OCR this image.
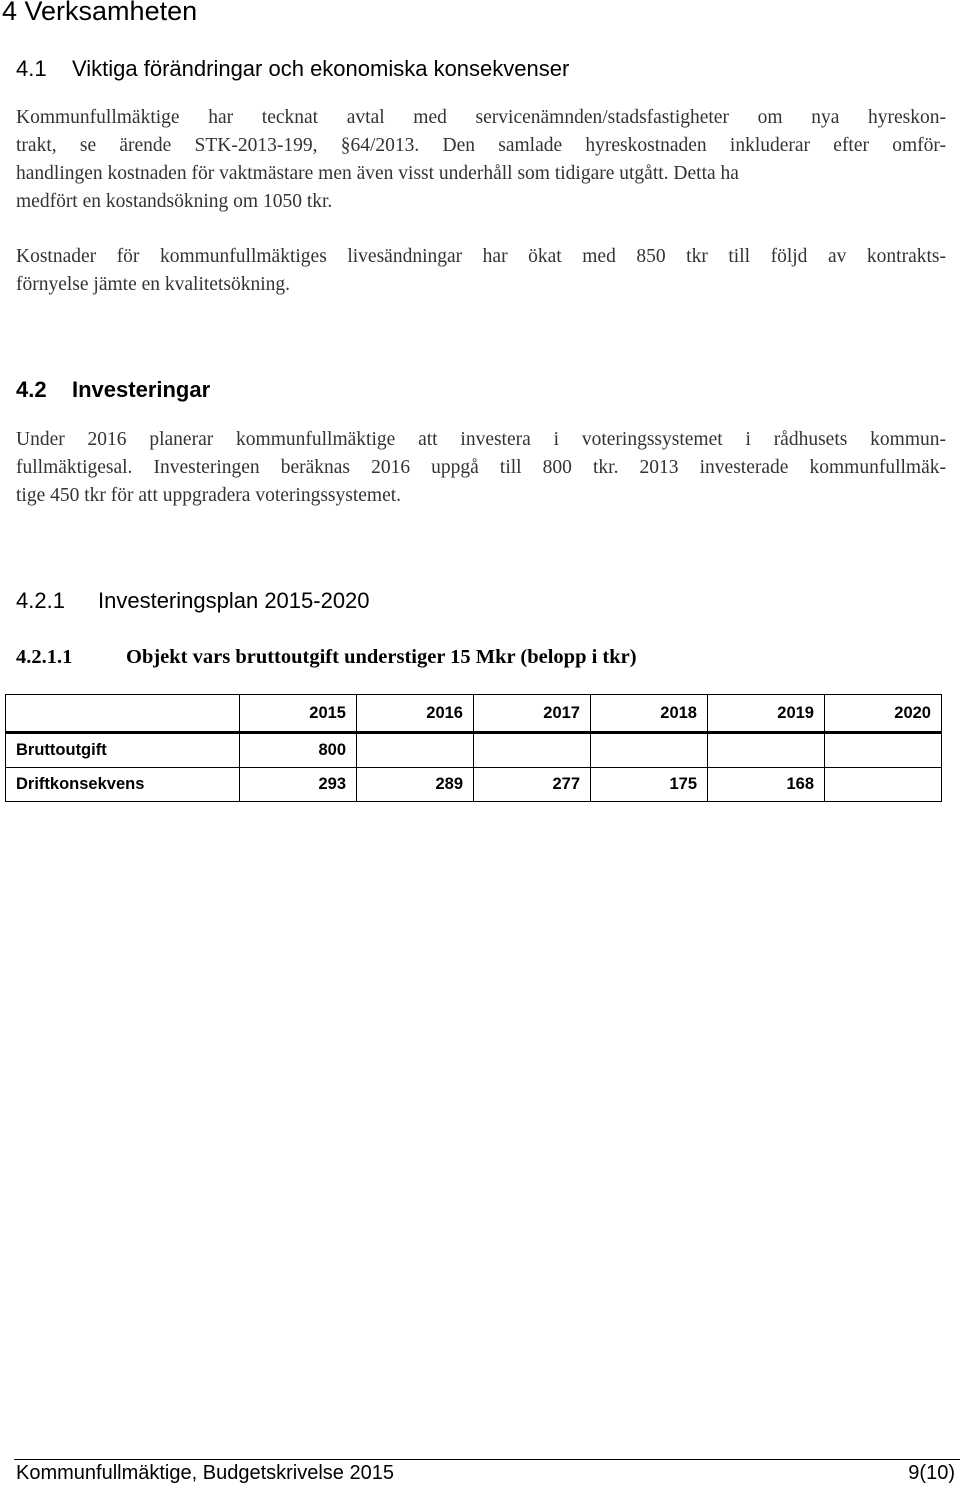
4 Verksamheten
4.1 Viktiga förändringar och ekonomiska konsekvenser
Kommunfullmäktige har tecknat avtal med servicenämnden/stadsfastigheter om nya hyreskon-
trakt, se ärende STK-2013-199, §64/2013. Den samlade hyreskostnaden inkluderar efter omför-
handlingen kostnaden för vaktmästare men även visst underhåll som tidigare utgått. Detta ha
medfört en kostandsökning om 1050 tkr.
Kostnader för kommunfullmäktiges livesändningar har ökat med 850 tkr till följd av kontrakts-
förnyelse jämte en kvalitetsökning.
4.2 Investeringar
Under 2016 planerar kommunfullmäktige att investera i voteringssystemet i rådhusets kommun-
fullmäktigesal. Investeringen beräknas 2016 uppgå till 800 tkr. 2013 investerade kommunfullmäk-
tige 450 tkr för att uppgradera voteringssystemet.
4.2.1 Investeringsplan 2015-2020
4.2.1.1	Objekt vars bruttoutgift understiger 15 Mkr (belopp i tkr)
	2015	2016	2017	2018	2019	2020
Bruttoutgift	800					
Driftkonsekvens	293	289	277	175	168	
Kommunfullmäktige, Budgetskrivelse 2015	9(10)
